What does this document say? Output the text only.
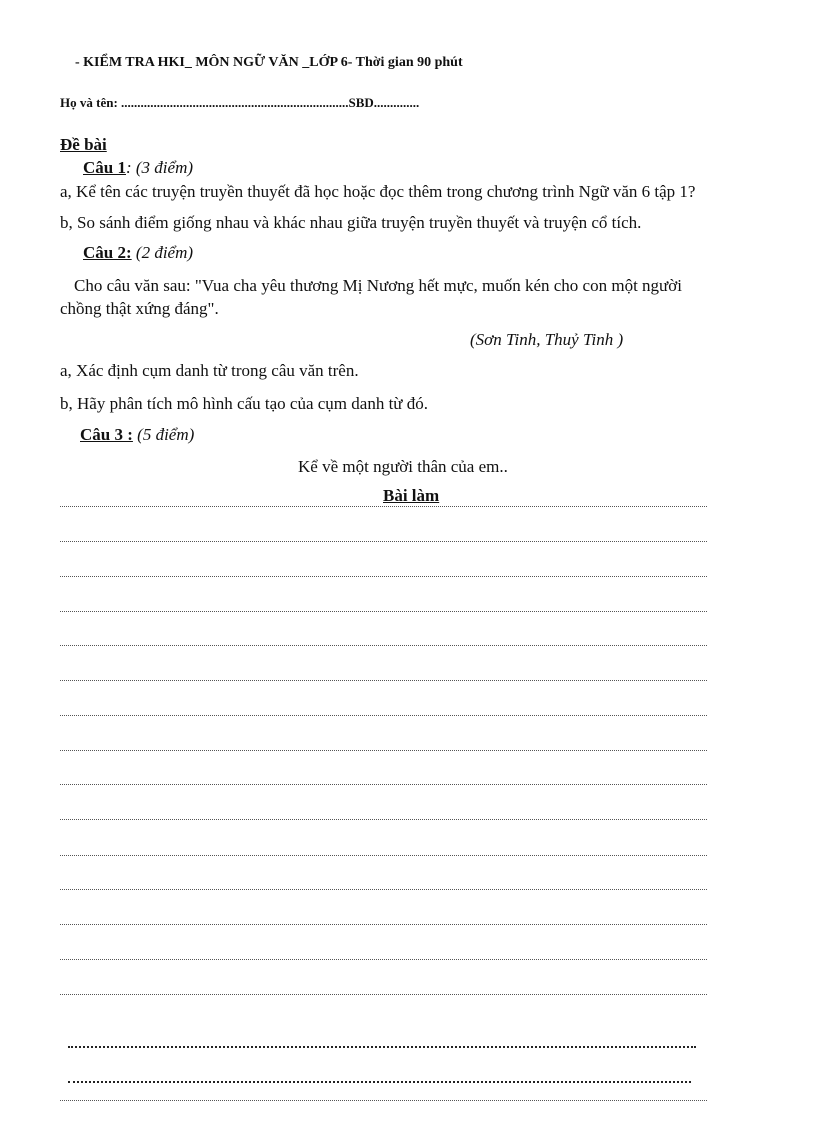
- KIỂM TRA HKI_ MÔN NGỮ VĂN _LỚP 6- Thời gian 90 phút
Họ và tên: ......................................................................SBD..............
Đề bài
Câu 1: (3 điểm)
a, Kể tên các truyện truyền thuyết đã học hoặc đọc thêm trong chương trình Ngữ văn 6 tập 1?
b, So sánh điểm giống nhau và khác nhau giữa truyện truyền thuyết và truyện cổ tích.
Câu 2: (2 điểm)
Cho câu văn sau: "Vua cha yêu thương Mị Nương hết mực, muốn kén cho con một người
chồng thật xứng đáng".
(Sơn Tinh, Thuỷ Tinh )
a, Xác định cụm danh từ trong câu văn trên.
b, Hãy phân tích mô hình cấu tạo của cụm danh từ đó.
Câu 3 : (5 điểm)
Kể về một người thân của em..
Bài làm
